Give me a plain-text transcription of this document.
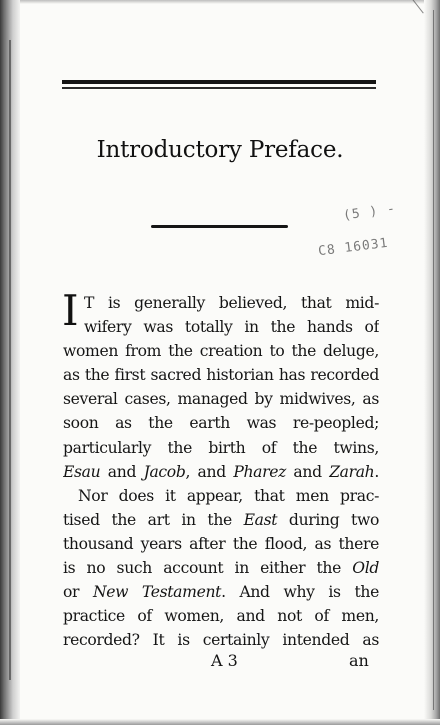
Introductory Preface.
(5 ) -
C8 16031
I T is generally believed, that mid-
wifery was totally in the hands of
women from the creation to the deluge,
as the first sacred historian has recorded
several cases, managed by midwives, as
soon as the earth was re-peopled;
particularly the birth of the twins,
Esau and Jacob, and Pharez and Zarah.
Nor does it appear, that men prac-
tised the art in the East during two
thousand years after the flood, as there
is no such account in either the Old
or New Testament. And why is the
practice of women, and not of men,
recorded? It is certainly intended as
A 3	an
